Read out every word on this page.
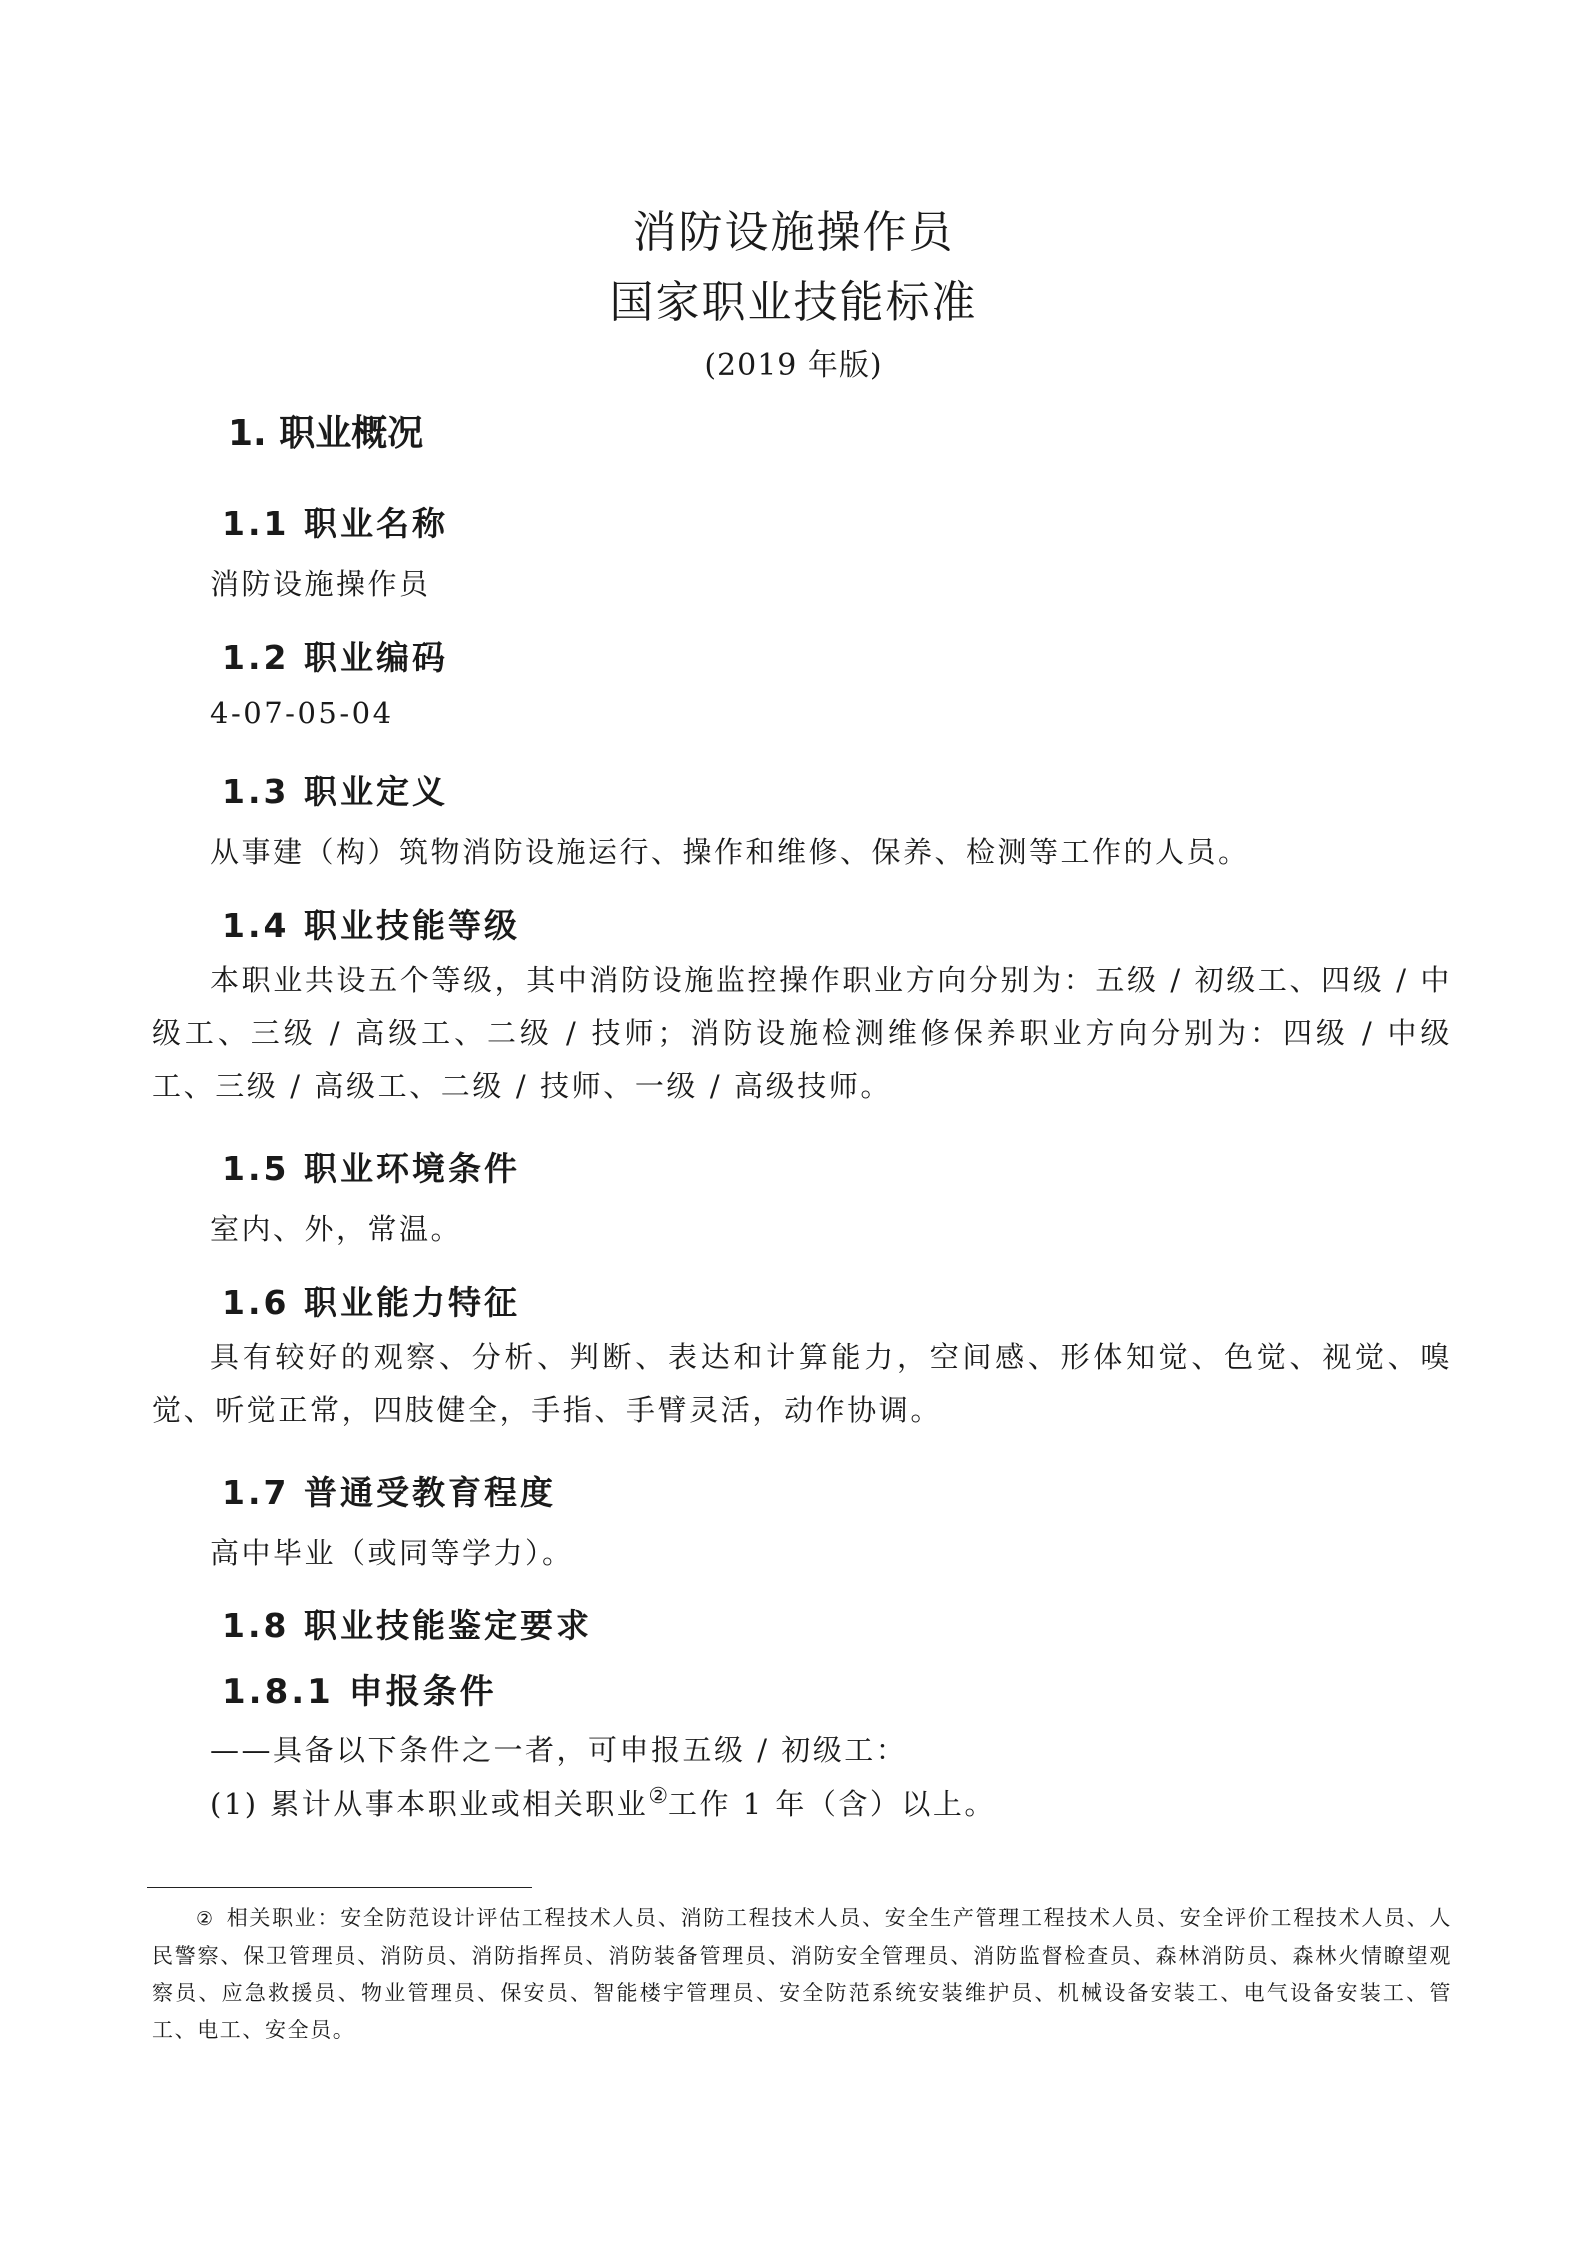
消防设施操作员
国家职业技能标准
(2019 年版)
1. 职业概况
1.1 职业名称
消防设施操作员
1.2 职业编码
4-07-05-04
1.3 职业定义
从事建（构）筑物消防设施运行、操作和维修、保养、检测等工作的人员。
1.4 职业技能等级
本职业共设五个等级，其中消防设施监控操作职业方向分别为：五级 / 初级工、四级 / 中级工、三级 / 高级工、二级 / 技师；消防设施检测维修保养职业方向分别为：四级 / 中级工、三级 / 高级工、二级 / 技师、一级 / 高级技师。
1.5 职业环境条件
室内、外，常温。
1.6 职业能力特征
具有较好的观察、分析、判断、表达和计算能力，空间感、形体知觉、色觉、视觉、嗅觉、听觉正常，四肢健全，手指、手臂灵活，动作协调。
1.7 普通受教育程度
高中毕业（或同等学力）。
1.8 职业技能鉴定要求
1.8.1 申报条件
——具备以下条件之一者，可申报五级 / 初级工：
(1) 累计从事本职业或相关职业②工作 1 年（含）以上。
② 相关职业：安全防范设计评估工程技术人员、消防工程技术人员、安全生产管理工程技术人员、安全评价工程技术人员、人民警察、保卫管理员、消防员、消防指挥员、消防装备管理员、消防安全管理员、消防监督检查员、森林消防员、森林火情瞭望观察员、应急救援员、物业管理员、保安员、智能楼宇管理员、安全防范系统安装维护员、机械设备安装工、电气设备安装工、管工、电工、安全员。
